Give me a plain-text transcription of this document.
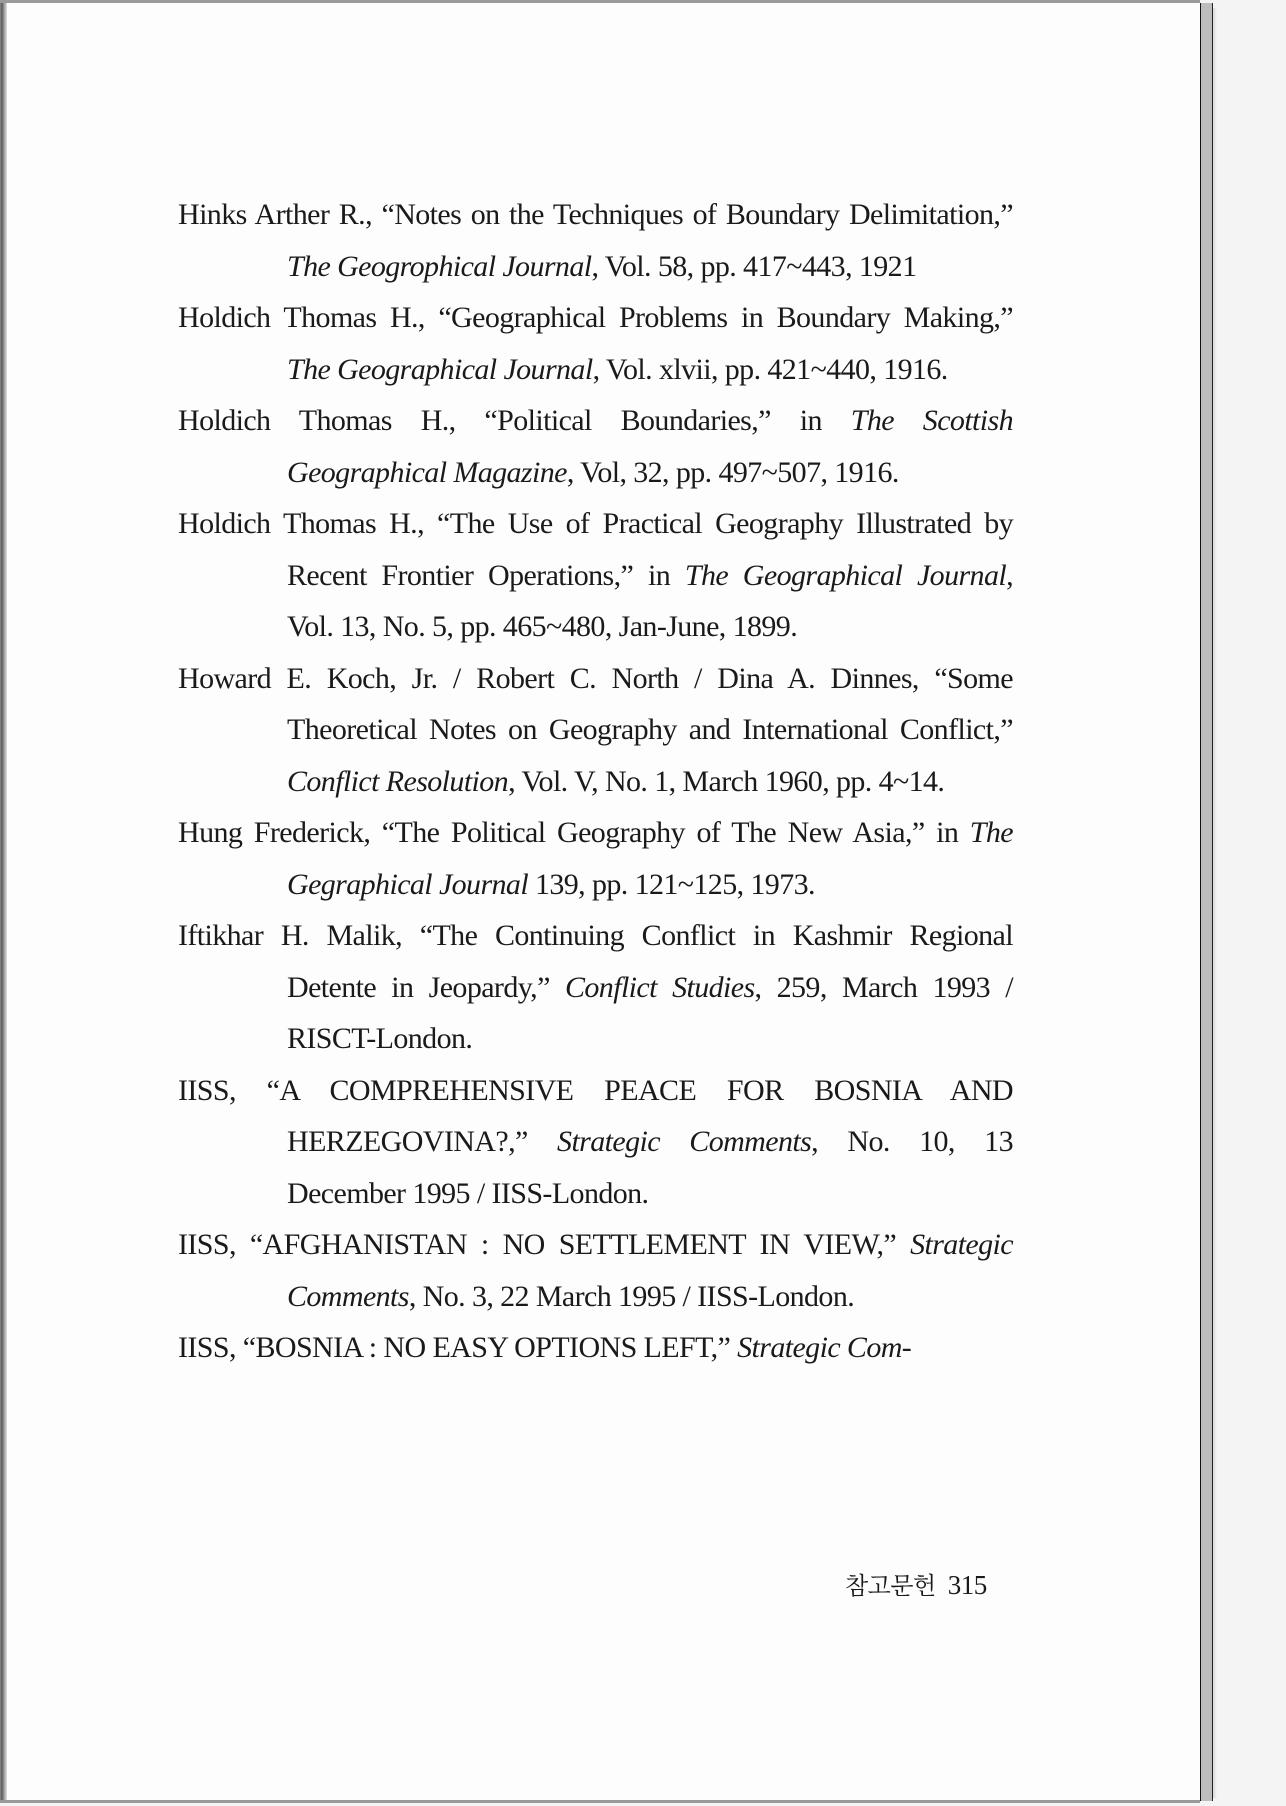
Hinks Arther R., “Notes on the Techniques of Boundary Delimitation,” The Geogrophical Journal, Vol. 58, pp. 417~443, 1921

Holdich Thomas H., “Geographical Problems in Boundary Making,” The Geographical Journal, Vol. xlvii, pp. 421~440, 1916.

Holdich Thomas H., “Political Boundaries,” in The Scottish Geographical Magazine, Vol, 32, pp. 497~507, 1916.

Holdich Thomas H., “The Use of Practical Geography Illustrated by Recent Frontier Operations,” in The Geographical Journal, Vol. 13, No. 5, pp. 465~480, Jan-June, 1899.

Howard E. Koch, Jr. / Robert C. North / Dina A. Dinnes, “Some Theoretical Notes on Geography and International Conflict,” Conflict Resolution, Vol. V, No. 1, March 1960, pp. 4~14.

Hung Frederick, “The Political Geography of The New Asia,” in The Gegraphical Journal 139, pp. 121~125, 1973.

Iftikhar H. Malik, “The Continuing Conflict in Kashmir Regional Detente in Jeopardy,” Conflict Studies, 259, March 1993 / RISCT-London.

IISS, “A COMPREHENSIVE PEACE FOR BOSNIA AND HERZEGOVINA?,” Strategic Comments, No. 10, 13 December 1995 / IISS-London.

IISS, “AFGHANISTAN : NO SETTLEMENT IN VIEW,” Strategic Comments, No. 3, 22 March 1995 / IISS-London.

IISS, “BOSNIA : NO EASY OPTIONS LEFT,” Strategic Com-

참고문헌 315
